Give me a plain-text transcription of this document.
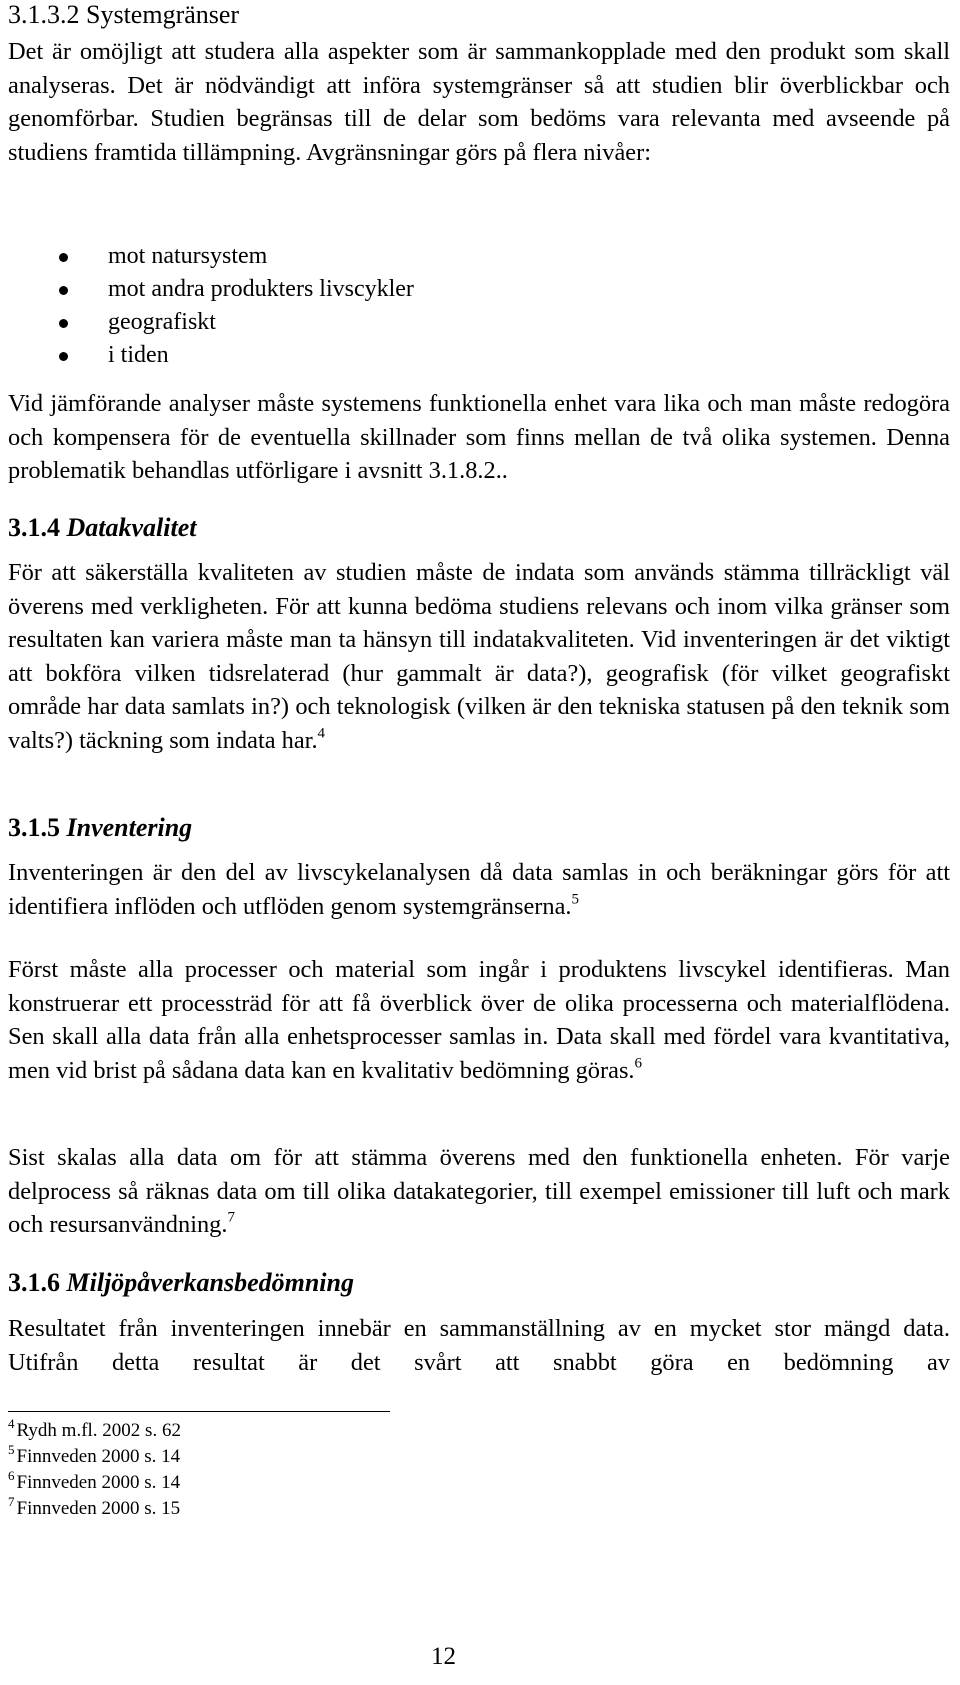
3.1.3.2 Systemgränser

Det är omöjligt att studera alla aspekter som är sammankopplade med den produkt som skall analyseras. Det är nödvändigt att införa systemgränser så att studien blir överblickbar och genomförbar. Studien begränsas till de delar som bedöms vara relevanta med avseende på studiens framtida tillämpning. Avgränsningar görs på flera nivåer:

mot natursystem
mot andra produkters livscykler
geografiskt
i tiden

Vid jämförande analyser måste systemens funktionella enhet vara lika och man måste redogöra och kompensera för de eventuella skillnader som finns mellan de två olika systemen. Denna problematik behandlas utförligare i avsnitt 3.1.8.2..

3.1.4 Datakvalitet

För att säkerställa kvaliteten av studien måste de indata som används stämma tillräckligt väl överens med verkligheten. För att kunna bedöma studiens relevans och inom vilka gränser som resultaten kan variera måste man ta hänsyn till indatakvaliteten. Vid inventeringen är det viktigt att bokföra vilken tidsrelaterad (hur gammalt är data?), geografisk (för vilket geografiskt område har data samlats in?) och teknologisk (vilken är den tekniska statusen på den teknik som valts?) täckning som indata har.$^4$

3.1.5 Inventering

Inventeringen är den del av livscykelanalysen då data samlas in och beräkningar görs för att identifiera inflöden och utflöden genom systemgränserna.$^5$

Först måste alla processer och material som ingår i produktens livscykel identifieras. Man konstruerar ett processträd för att få överblick över de olika processerna och materialflödena. Sen skall alla data från alla enhetsprocesser samlas in. Data skall med fördel vara kvantitativa, men vid brist på sådana data kan en kvalitativ bedömning göras.$^6$

Sist skalas alla data om för att stämma överens med den funktionella enheten. För varje delprocess så räknas data om till olika datakategorier, till exempel emissioner till luft och mark och resursanvändning.$^7$

3.1.6 Miljöpåverkansbedömning

Resultatet från inventeringen innebär en sammanställning av en mycket stor mängd data. Utifrån detta resultat är det svårt att snabbt göra en bedömning av

$^4$ Rydh m.fl. 2002 s. 62
$^5$ Finnveden 2000 s. 14
$^6$ Finnveden 2000 s. 14
$^7$ Finnveden 2000 s. 15
12
